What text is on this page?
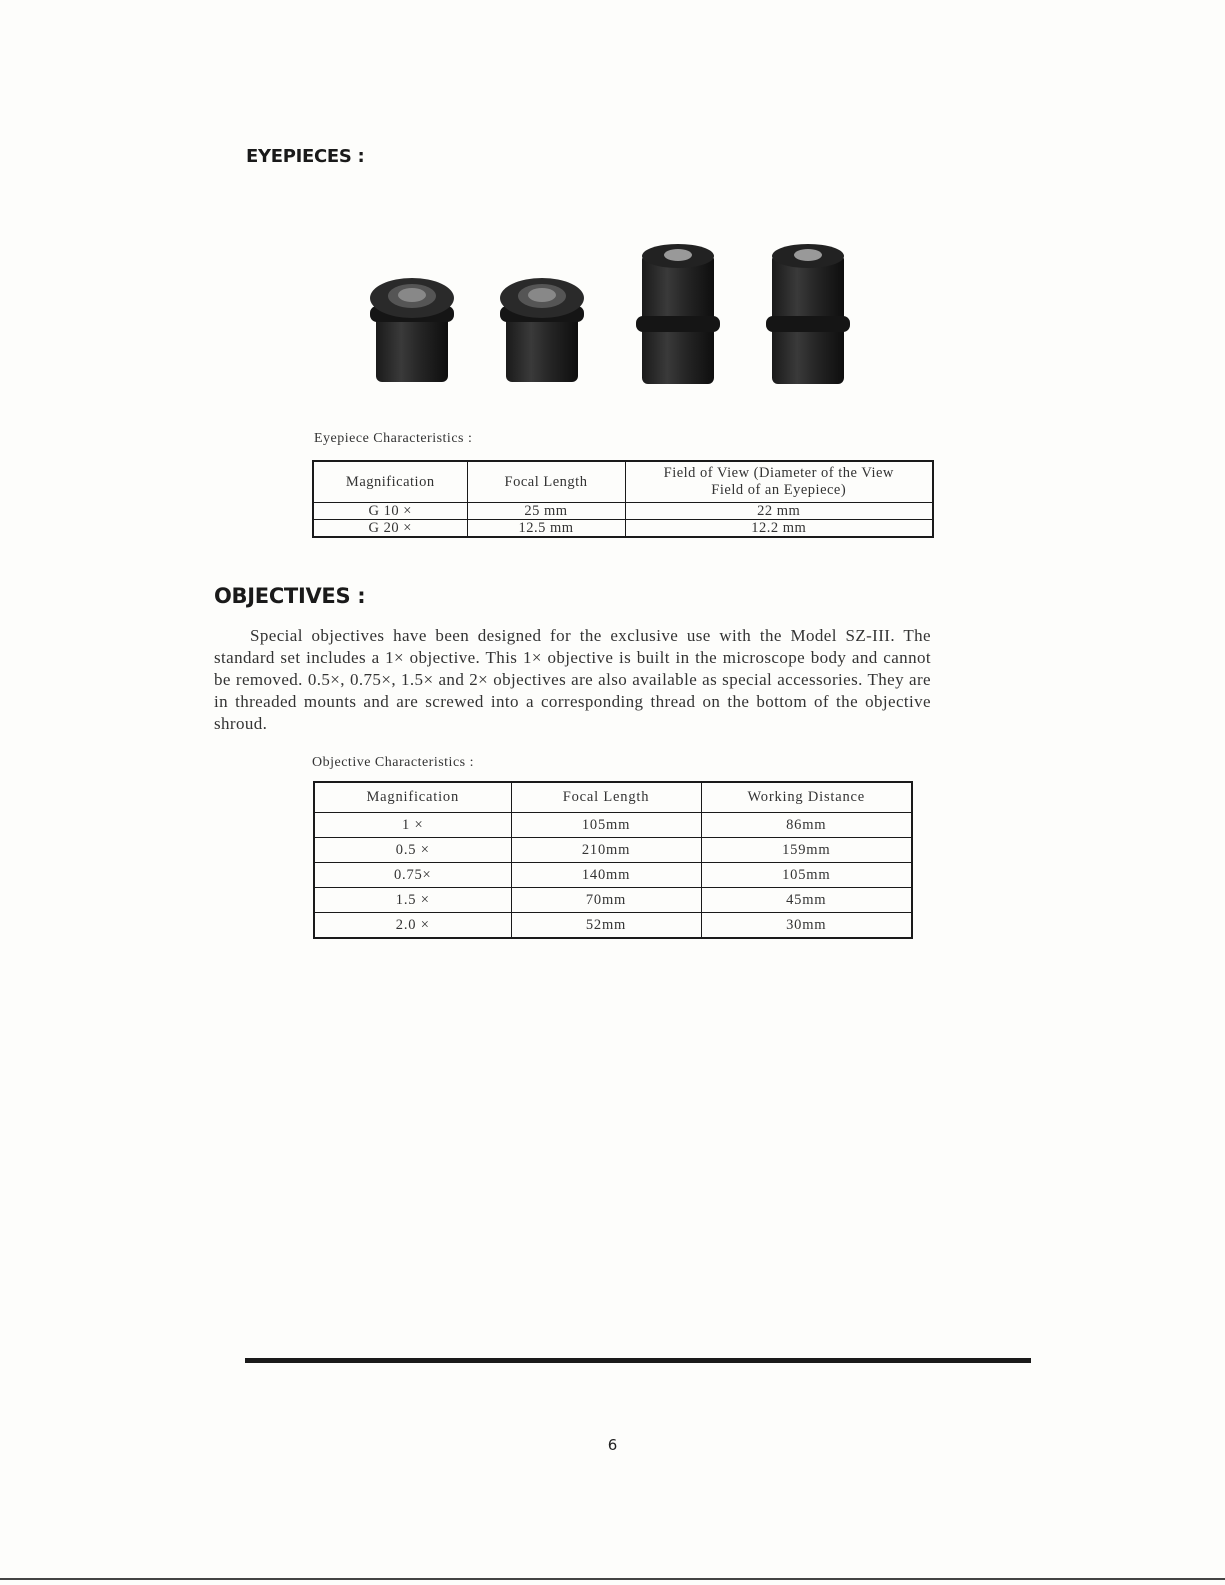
EYEPIECES :
Eyepiece Characteristics :
Magnification	Focal Length	Field of View (Diameter of the View Field of an Eyepiece)
G 10 ×	25 mm	22 mm
G 20 ×	12.5 mm	12.2 mm
OBJECTIVES :

Special objectives have been designed for the exclusive use with the Model SZ-III. The standard set includes a 1× objective. This 1× objective is built in the microscope body and cannot be removed. 0.5×, 0.75×, 1.5× and 2× objectives are also available as special accessories. They are in threaded mounts and are screwed into a corresponding thread on the bottom of the objective shroud.

Objective Characteristics :
Magnification	Focal Length	Working Distance
1 ×	105mm	86mm
0.5 ×	210mm	159mm
0.75×	140mm	105mm
1.5 ×	70mm	45mm
2.0 ×	52mm	30mm
6
